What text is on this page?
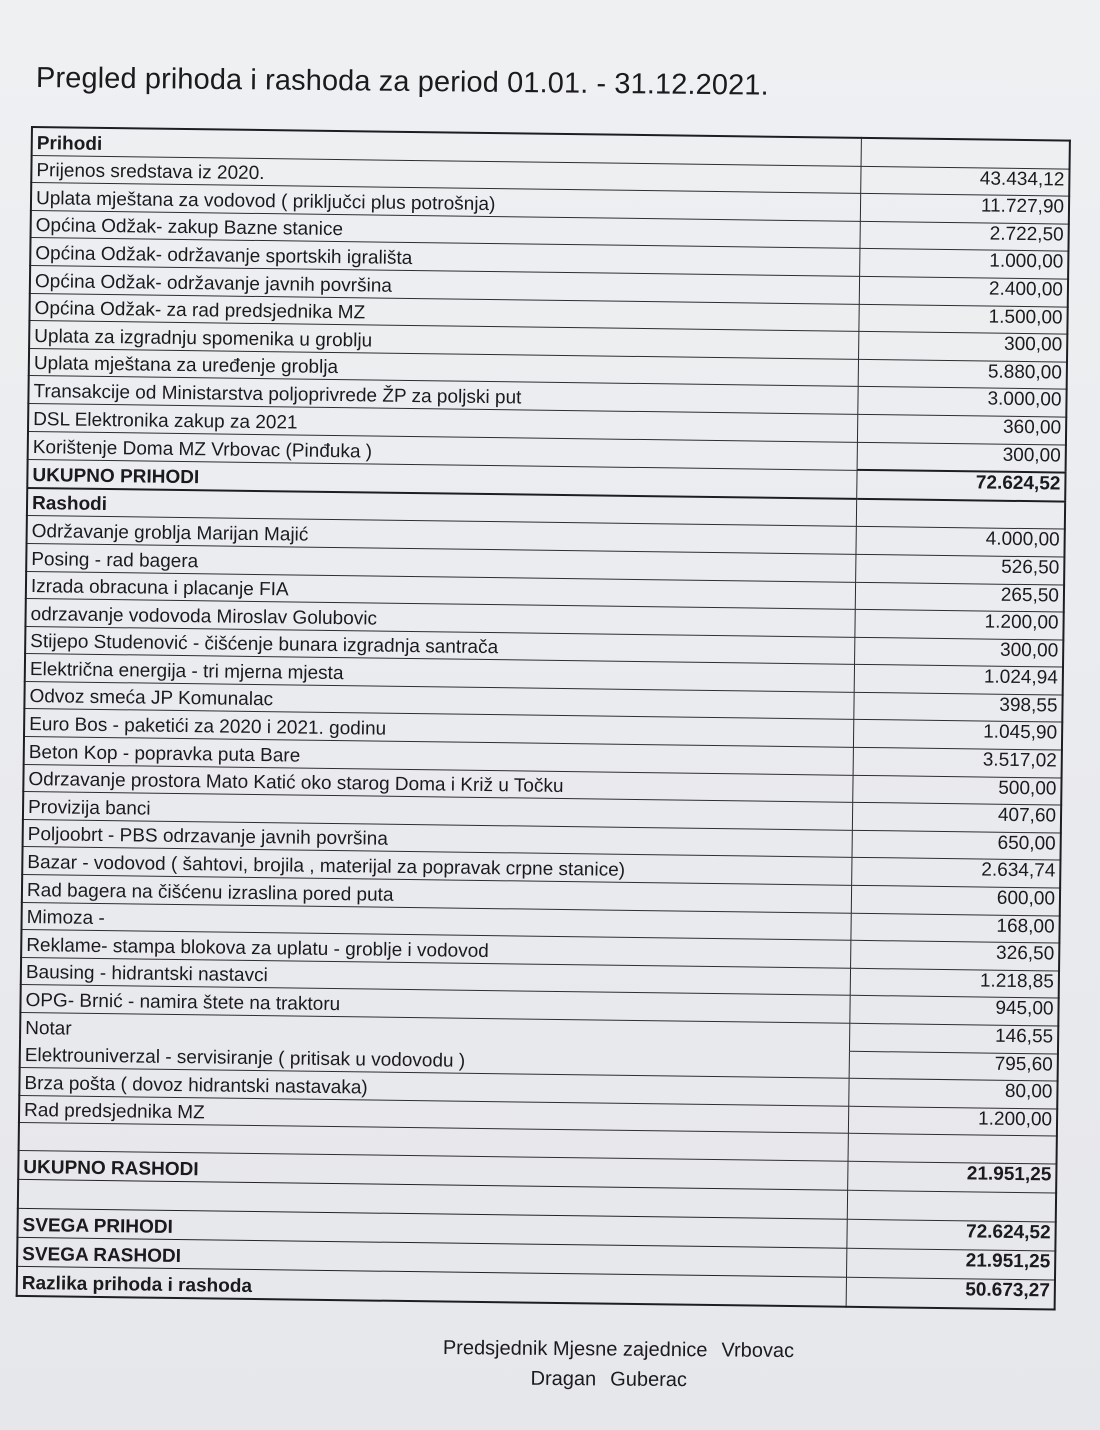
Pregled prihoda i rashoda za period 01.01. - 31.12.2021.
Prihodi	
Prijenos sredstava iz 2020.	43.434,12
Uplata mještana za vodovod ( priključci plus potrošnja)	11.727,90
Općina Odžak- zakup Bazne stanice	2.722,50
Općina Odžak- održavanje sportskih igrališta	1.000,00
Općina Odžak- održavanje javnih površina	2.400,00
Općina Odžak- za rad predsjednika MZ	1.500,00
Uplata za izgradnju spomenika u groblju	300,00
Uplata mještana za uređenje groblja	5.880,00
Transakcije od Ministarstva poljoprivrede ŽP za poljski put	3.000,00
DSL Elektronika zakup za 2021	360,00
Korištenje Doma MZ Vrbovac (Pinđuka )	300,00
UKUPNO PRIHODI	72.624,52
Rashodi	
Održavanje groblja Marijan Majić	4.000,00
Posing - rad bagera	526,50
Izrada obracuna i placanje FIA	265,50
odrzavanje vodovoda Miroslav Golubovic	1.200,00
Stijepo Studenović - čišćenje bunara izgradnja santrača	300,00
Električna energija - tri mjerna mjesta	1.024,94
Odvoz smeća JP Komunalac	398,55
Euro Bos - paketići za 2020 i 2021. godinu	1.045,90
Beton Kop - popravka puta Bare	3.517,02
Odrzavanje prostora Mato Katić oko starog Doma i Križ u Točku	500,00
Provizija banci	407,60
Poljoobrt - PBS odrzavanje javnih površina	650,00
Bazar - vodovod ( šahtovi, brojila , materijal za popravak crpne stanice)	2.634,74
Rad bagera na čišćenu izraslina pored puta	600,00
Mimoza -	168,00
Reklame- stampa blokova za uplatu - groblje i vodovod	326,50
Bausing - hidrantski nastavci	1.218,85
OPG- Brnić - namira štete na traktoru	945,00
Notar	146,55
Elektrouniverzal - servisiranje ( pritisak u vodovodu )	795,60
Brza pošta ( dovoz hidrantski nastavaka)	80,00
Rad predsjednika MZ	1.200,00

UKUPNO RASHODI	21.951,25

SVEGA PRIHODI	72.624,52
SVEGA RASHODI	21.951,25
Razlika prihoda i rashoda	50.673,27
Predsjednik Mjesne zajednice Vrbovac
Dragan Guberac
